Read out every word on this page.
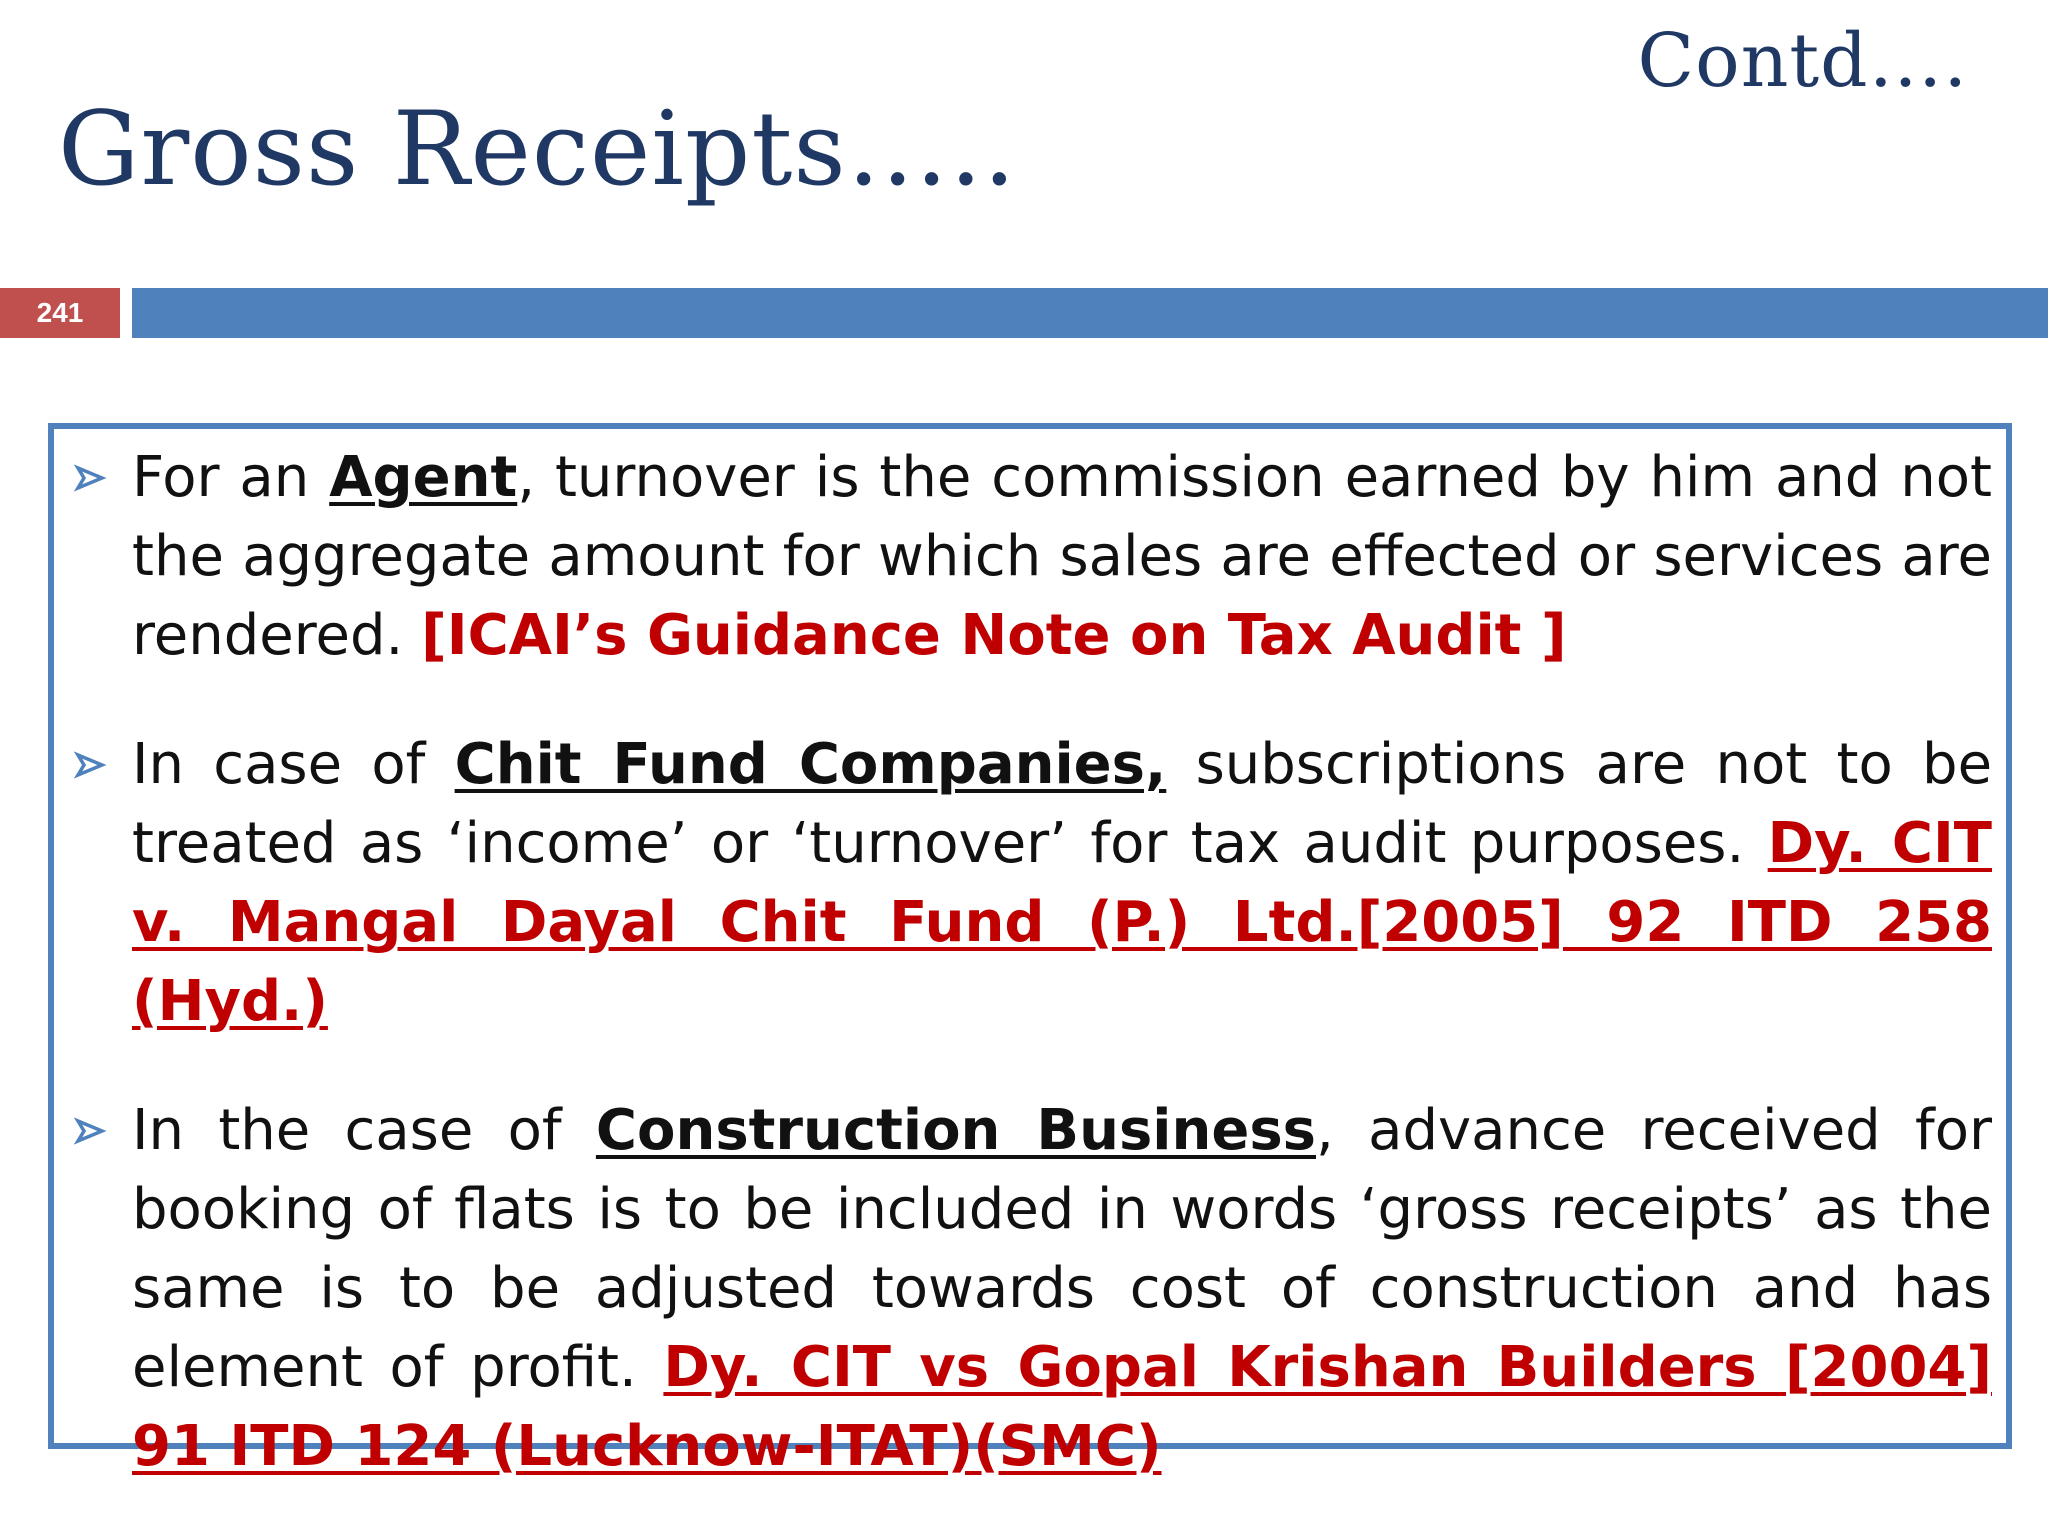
Contd….
Gross Receipts…..
241
For an Agent, turnover is the commission earned by him and not the aggregate amount for which sales are effected or services are rendered. [ICAI’s Guidance Note on Tax Audit ]
In case of Chit Fund Companies, subscriptions are not to be treated as ‘income’ or ‘turnover’ for tax audit purposes. Dy. CIT v. Mangal Dayal Chit Fund (P.) Ltd.[2005] 92 ITD 258 (Hyd.)
In the case of Construction Business, advance received for booking of flats is to be included in words ‘gross receipts’ as the same is to be adjusted towards cost of construction and has element of profit. Dy. CIT vs Gopal Krishan Builders [2004] 91 ITD 124 (Lucknow-ITAT)(SMC)
